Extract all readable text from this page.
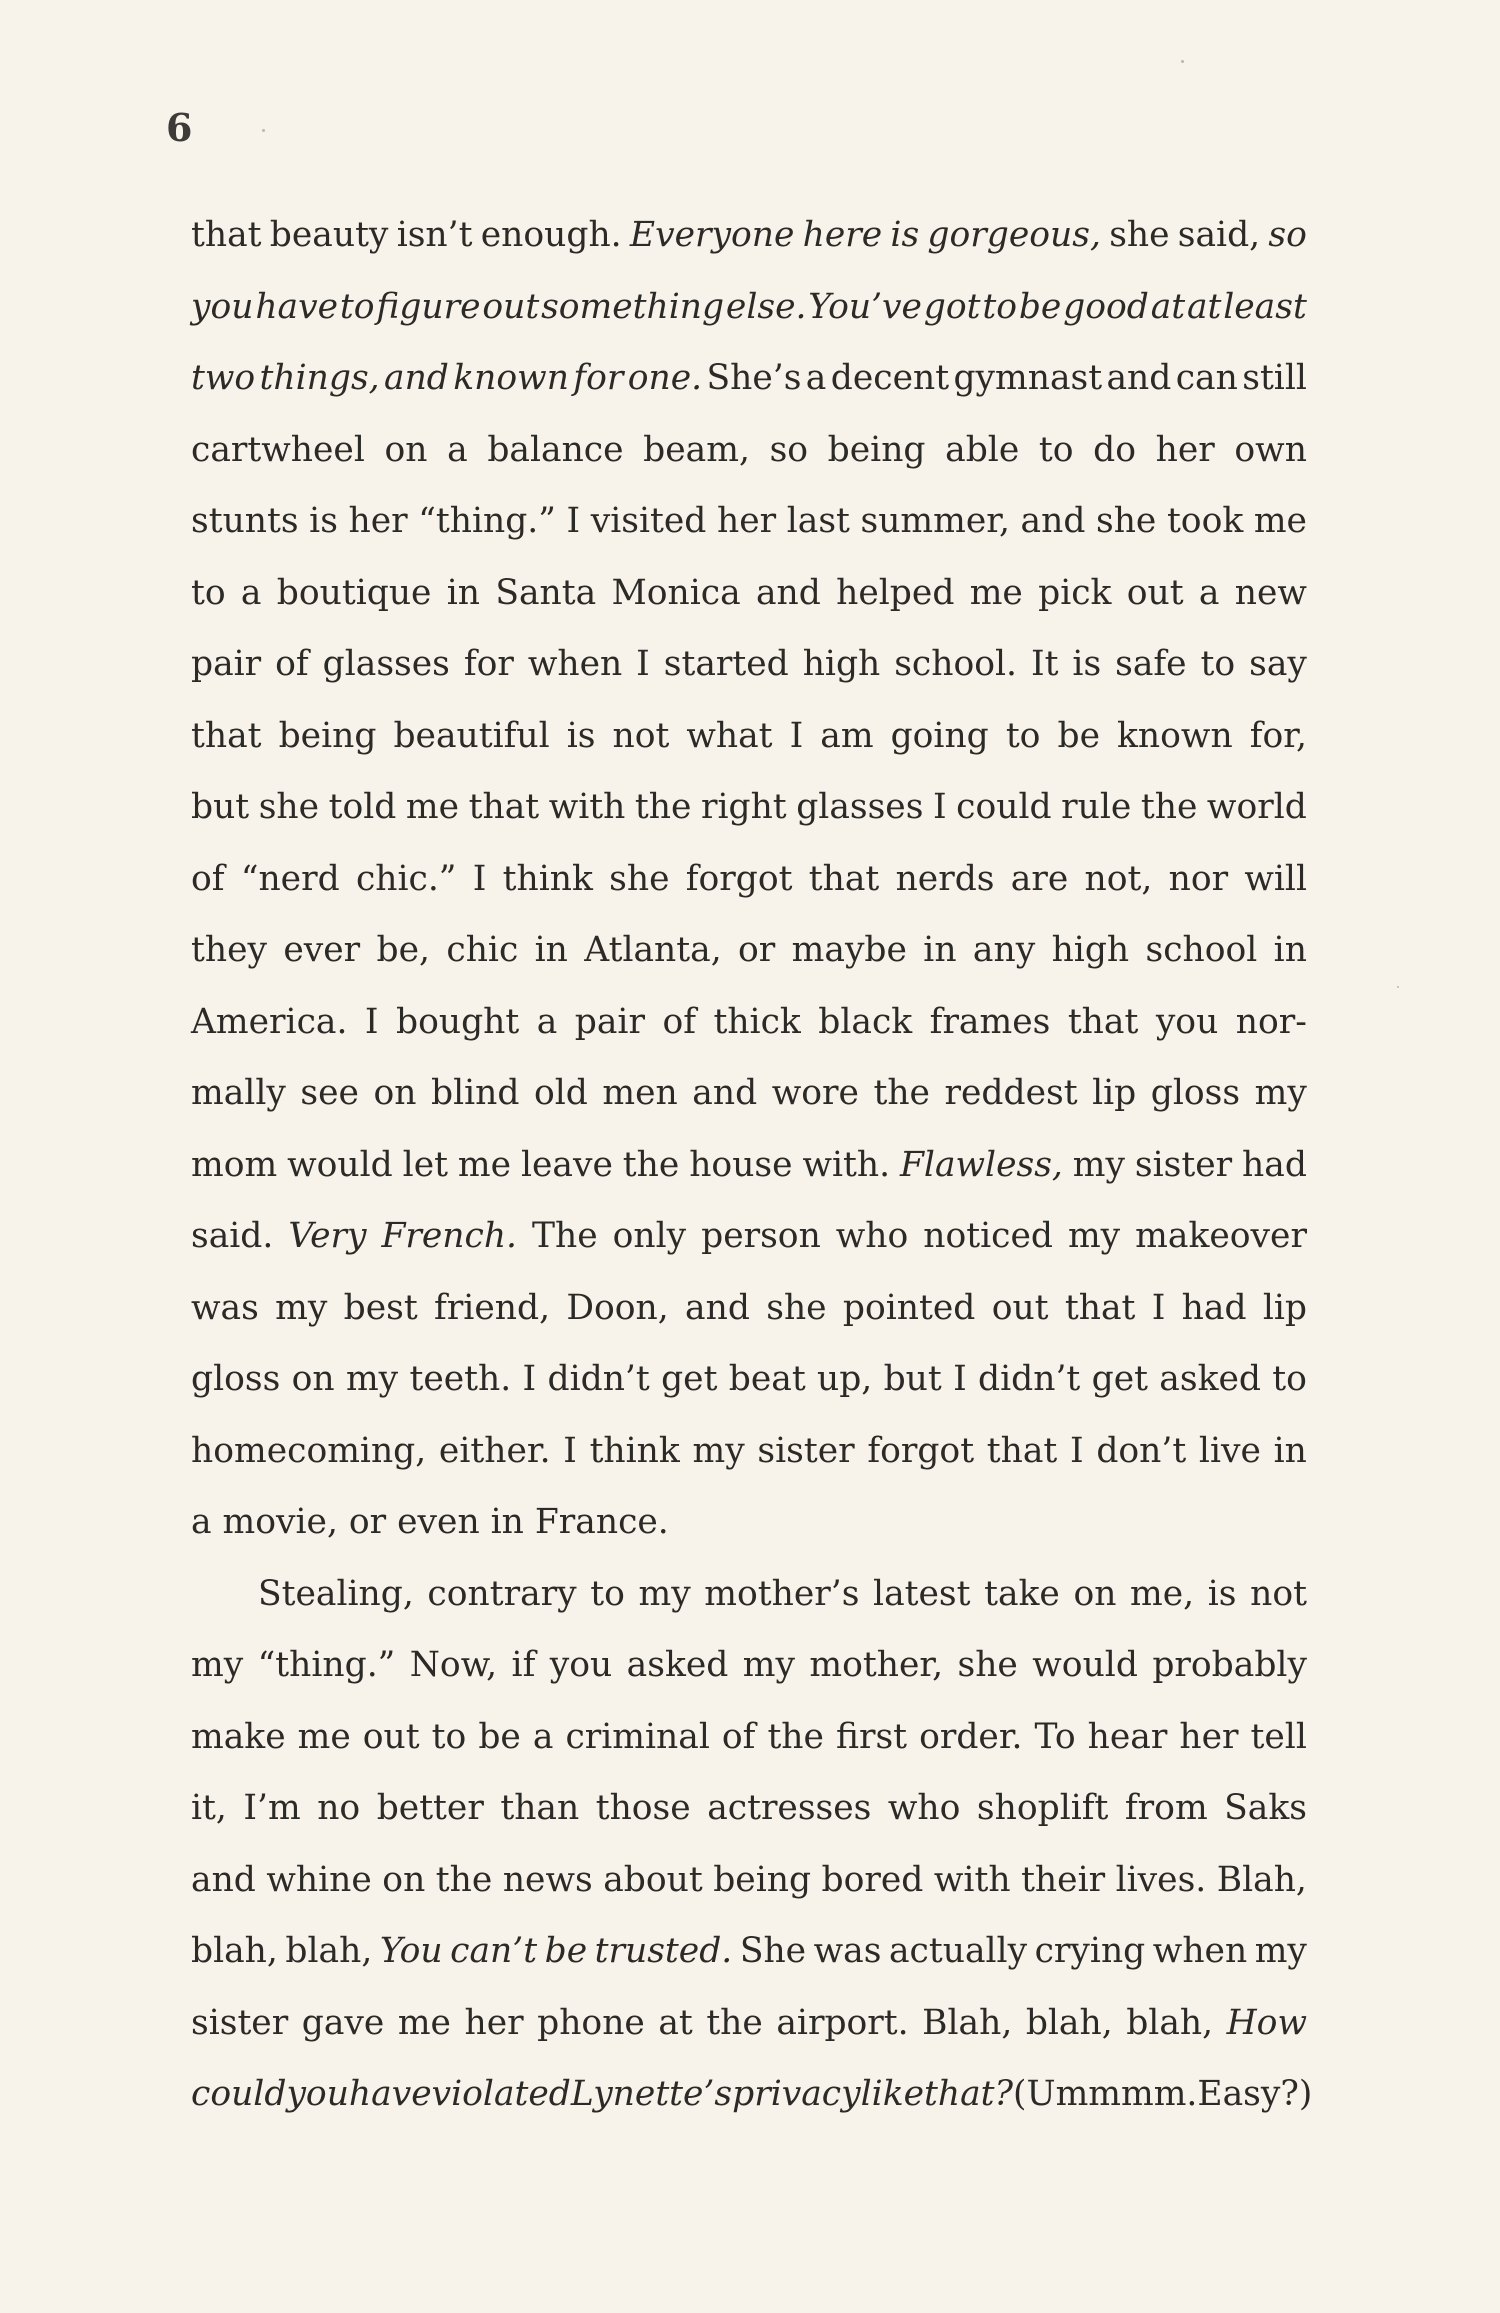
6
that beauty isn’t enough. Everyone here is gorgeous, she said, so
you have to figure out something else. You’ve got to be good at at least
two things, and known for one. She’s a decent gymnast and can still
cartwheel on a balance beam, so being able to do her own
stunts is her “thing.” I visited her last summer, and she took me
to a boutique in Santa Monica and helped me pick out a new
pair of glasses for when I started high school. It is safe to say
that being beautiful is not what I am going to be known for,
but she told me that with the right glasses I could rule the world
of “nerd chic.” I think she forgot that nerds are not, nor will
they ever be, chic in Atlanta, or maybe in any high school in
America. I bought a pair of thick black frames that you nor-
mally see on blind old men and wore the reddest lip gloss my
mom would let me leave the house with. Flawless, my sister had
said. Very French. The only person who noticed my makeover
was my best friend, Doon, and she pointed out that I had lip
gloss on my teeth. I didn’t get beat up, but I didn’t get asked to
homecoming, either. I think my sister forgot that I don’t live in
a movie, or even in France.
Stealing, contrary to my mother’s latest take on me, is not
my “thing.” Now, if you asked my mother, she would probably
make me out to be a criminal of the first order. To hear her tell
it, I’m no better than those actresses who shoplift from Saks
and whine on the news about being bored with their lives. Blah,
blah, blah, You can’t be trusted. She was actually crying when my
sister gave me her phone at the airport. Blah, blah, blah, How
could you have violated Lynette’s privacy like that? (Ummmm. Easy?)
